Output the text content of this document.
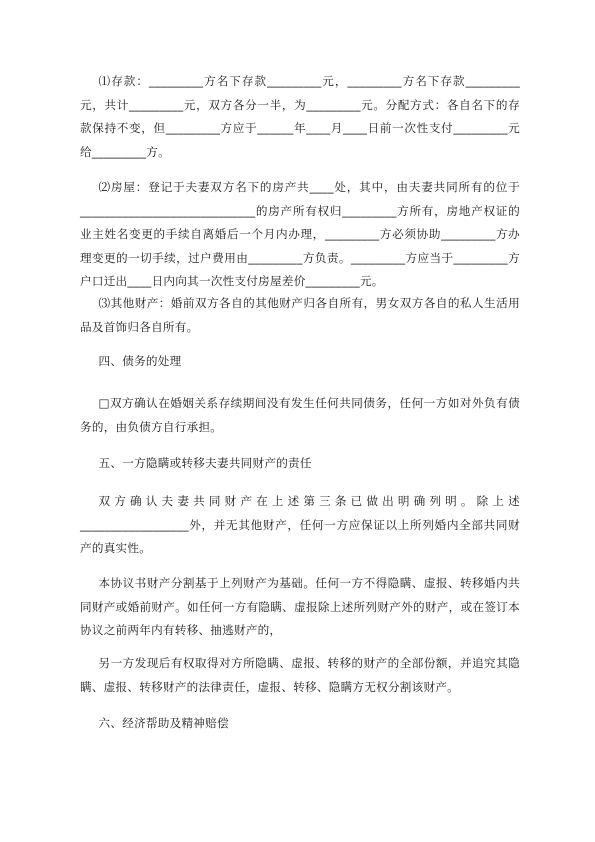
⑴存款：_________方名下存款_________元，_________方名下存款_________元，共计_________元，双方各分一半，为_________元。分配方式：各自名下的存款保持不变，但_________方应于______年____月____日前一次性支付_________元给_________方。

⑵房屋：登记于夫妻双方名下的房产共____处，其中，由夫妻共同所有的位于_____________________________的房产所有权归_________方所有，房地产权证的业主姓名变更的手续自离婚后一个月内办理，_________方必须协助_________方办理变更的一切手续，过户费用由_________方负责。_________方应当于_________方户口迁出____日内向其一次性支付房屋差价_________元。

⑶其他财产：婚前双方各自的其他财产归各自所有，男女双方各自的私人生活用品及首饰归各自所有。

四、债务的处理

□双方确认在婚姻关系存续期间没有发生任何共同债务，任何一方如对外负有债务的，由负债方自行承担。

五、一方隐瞒或转移夫妻共同财产的责任

双方确认夫妻共同财产在上述第三条已做出明确列明。除上述__________________外，并无其他财产，任何一方应保证以上所列婚内全部共同财产的真实性。

本协议书财产分割基于上列财产为基础。任何一方不得隐瞒、虚报、转移婚内共同财产或婚前财产。如任何一方有隐瞒、虚报除上述所列财产外的财产，或在签订本协议之前两年内有转移、抽逃财产的，

另一方发现后有权取得对方所隐瞒、虚报、转移的财产的全部份额，并追究其隐瞒、虚报、转移财产的法律责任，虚报、转移、隐瞒方无权分割该财产。

六、经济帮助及精神赔偿
